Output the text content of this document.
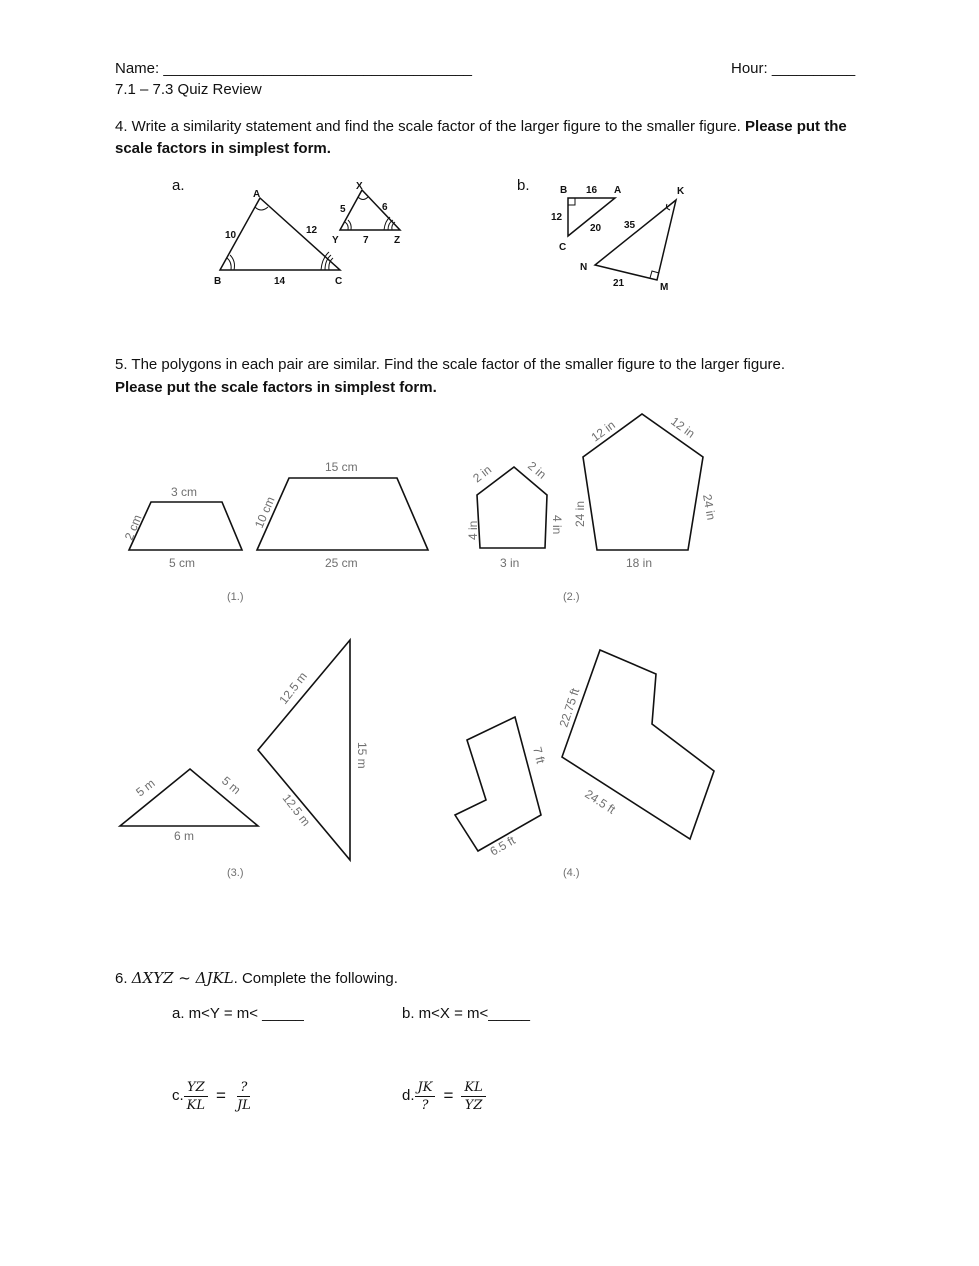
Name: _____________________________________	Hour: __________
7.1 – 7.3 Quiz Review
4. Write a similarity statement and find the scale factor of the larger figure to the smaller figure. Please put the scale factors in simplest form.
a.	b.
A
B	C
10	12
14
X
Y	Z
5	6
7
B	A
C
16
12
20
K
N
M
35
21
5. The polygons in each pair are similar. Find the scale factor of the smaller figure to the larger figure.
Please put the scale factors in simplest form.
3 cm
2 cm
5 cm
15 cm
10 cm
25 cm
(1.)
2 in	2 in
4 in	4 in
3 in
12 in	12 in
24 in	24 in
18 in
(2.)
5 m	5 m
6 m
12.5 m
12.5 m
15 m
(3.)
7 ft
6.5 ft
22.75 ft
24.5 ft
(4.)
6. ΔXYZ ~ ΔJKL. Complete the following.
a. m<Y = m< _____	b. m<X = m<_____
c. $\frac{YZ}{KL} = \frac{?}{JL}$	d. $\frac{JK}{?} = \frac{KL}{YZ}$
